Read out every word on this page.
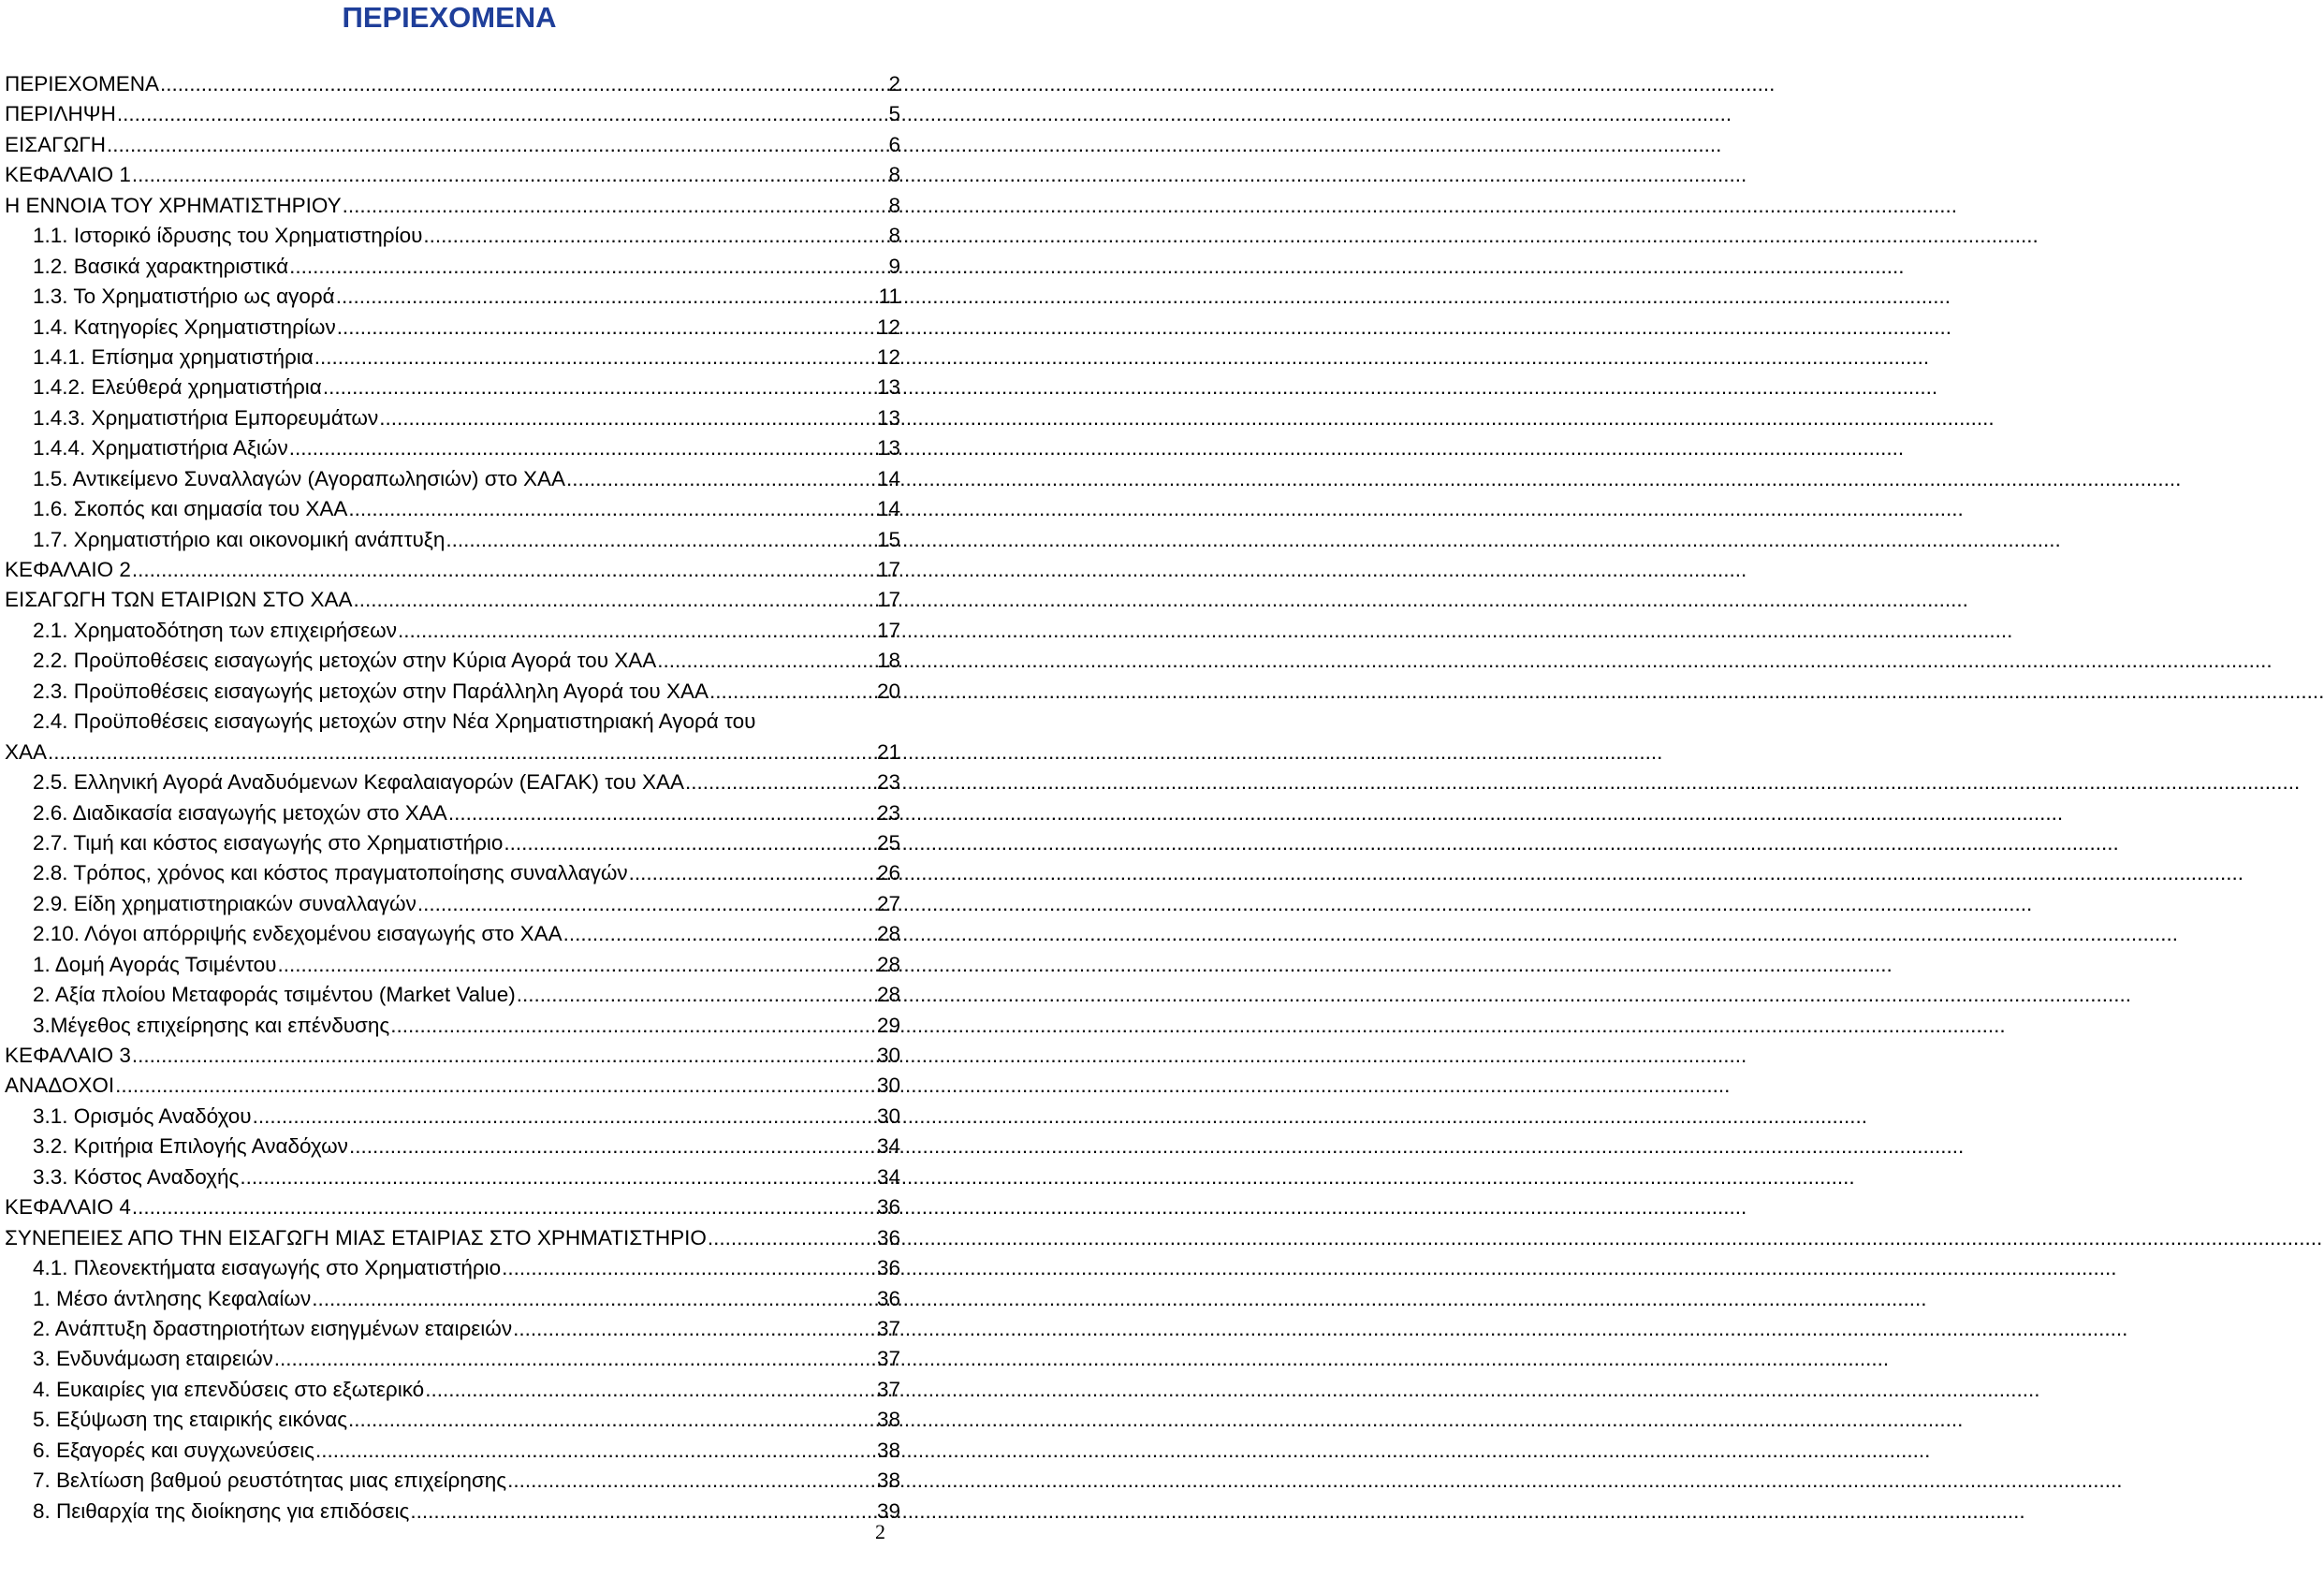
ΠΕΡΙΕΧΟΜΕΝΑ
ΠΕΡΙΕΧΟΜΕΝΑ .....	2
ΠΕΡΙΛΗΨΗ .....	5
ΕΙΣΑΓΩΓΗ .....	6
ΚΕΦΑΛΑΙΟ 1 .....	8
Η ΕΝΝΟΙΑ ΤΟΥ ΧΡΗΜΑΤΙΣΤΗΡΙΟΥ .....	8
1.1. Ιστορικό ίδρυσης του Χρηματιστηρίου .....	8
1.2. Βασικά χαρακτηριστικά .....	9
1.3. Το Χρηματιστήριο ως αγορά .....	11
1.4. Κατηγορίες Χρηματιστηρίων .....	12
1.4.1. Επίσημα χρηματιστήρια .....	12
1.4.2. Ελεύθερά χρηματιστήρια .....	13
1.4.3. Χρηματιστήρια Εμπορευμάτων .....	13
1.4.4. Χρηματιστήρια Αξιών .....	13
1.5. Αντικείμενο Συναλλαγών (Αγοραπωλησιών) στο ΧΑΑ .....	14
1.6. Σκοπός και σημασία του ΧΑΑ .....	14
1.7. Χρηματιστήριο και οικονομική ανάπτυξη .....	15
ΚΕΦΑΛΑΙΟ 2 .....	17
ΕΙΣΑΓΩΓΗ ΤΩΝ ΕΤΑΙΡΙΩΝ ΣΤΟ ΧΑΑ .....	17
2.1. Χρηματοδότηση των επιχειρήσεων .....	17
2.2. Προϋποθέσεις εισαγωγής μετοχών στην Κύρια Αγορά του ΧΑΑ .....	18
2.3. Προϋποθέσεις εισαγωγής μετοχών στην Παράλληλη Αγορά του ΧΑΑ .....	20
2.4. Προϋποθέσεις εισαγωγής μετοχών στην Νέα Χρηματιστηριακή Αγορά του
ΧΑΑ .....	21
2.5. Ελληνική Αγορά Αναδυόμενων Κεφαλαιαγορών (ΕΑΓΑΚ) του ΧΑΑ .....	23
2.6. Διαδικασία εισαγωγής μετοχών στο ΧΑΑ .....	23
2.7. Τιμή και κόστος εισαγωγής στο Χρηματιστήριο .....	25
2.8. Τρόπος, χρόνος και κόστος πραγματοποίησης συναλλαγών .....	26
2.9. Είδη χρηματιστηριακών συναλλαγών .....	27
2.10. Λόγοι απόρριψής ενδεχομένου εισαγωγής στο ΧΑΑ .....	28
1. Δομή Αγοράς Τσιμέντου .....	28
2. Αξία πλοίου Μεταφοράς τσιμέντου (Market Value) .....	28
3.Μέγεθος επιχείρησης και επένδυσης .....	29
ΚΕΦΑΛΑΙΟ 3 .....	30
ΑΝΑΔΟΧΟΙ .....	30
3.1. Ορισμός Αναδόχου .....	30
3.2. Κριτήρια Επιλογής Αναδόχων .....	34
3.3. Κόστος Αναδοχής .....	34
ΚΕΦΑΛΑΙΟ 4 .....	36
ΣΥΝΕΠΕΙΕΣ ΑΠΟ ΤΗΝ ΕΙΣΑΓΩΓΗ ΜΙΑΣ ΕΤΑΙΡΙΑΣ ΣΤΟ ΧΡΗΜΑΤΙΣΤΗΡΙΟ .....	36
4.1. Πλεονεκτήματα εισαγωγής στο Χρηματιστήριο .....	36
1. Μέσο άντλησης Κεφαλαίων .....	36
2. Ανάπτυξη δραστηριοτήτων εισηγμένων εταιρειών .....	37
3. Ενδυνάμωση εταιρειών .....	37
4. Ευκαιρίες για επενδύσεις στο εξωτερικό .....	37
5. Εξύψωση της εταιρικής εικόνας .....	38
6. Εξαγορές και συγχωνεύσεις .....	38
7. Βελτίωση βαθμού ρευστότητας μιας επιχείρησης .....	38
8. Πειθαρχία της διοίκησης για επιδόσεις .....	39
2
